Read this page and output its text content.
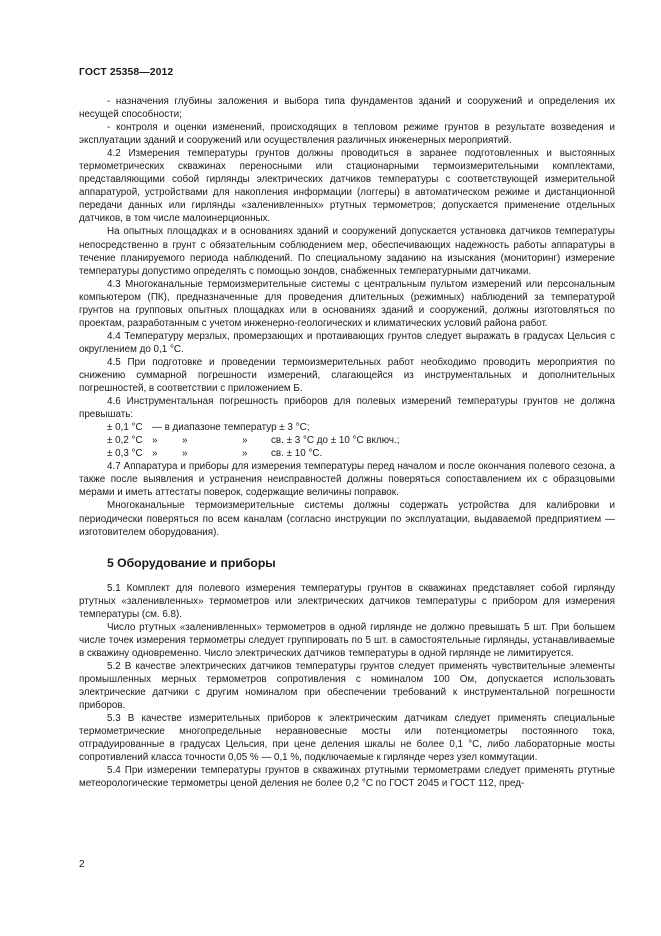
ГОСТ 25358—2012

- назначения глубины заложения и выбора типа фундаментов зданий и сооружений и определения их несущей способности;

- контроля и оценки изменений, происходящих в тепловом режиме грунтов в результате возведения и эксплуатации зданий и сооружений или осуществления различных инженерных мероприятий.

4.2 Измерения температуры грунтов должны проводиться в заранее подготовленных и выстоянных термометрических скважинах переносными или стационарными термоизмерительными комплектами, представляющими собой гирлянды электрических датчиков температуры с соответствующей измерительной аппаратурой, устройствами для накопления информации (логгеры) в автоматическом режиме и дистанционной передачи данных или гирлянды «заленивленных» ртутных термометров; допускается применение отдельных датчиков, в том числе малоинерционных.

На опытных площадках и в основаниях зданий и сооружений допускается установка датчиков температуры непосредственно в грунт с обязательным соблюдением мер, обеспечивающих надежность работы аппаратуры в течение планируемого периода наблюдений. По специальному заданию на изыскания (мониторинг) измерение температуры допустимо определять с помощью зондов, снабженных температурными датчиками.

4.3 Многоканальные термоизмерительные системы с центральным пультом измерений или персональным компьютером (ПК), предназначенные для проведения длительных (режимных) наблюдений за температурой грунтов на групповых опытных площадках или в основаниях зданий и сооружений, должны изготовляться по проектам, разработанным с учетом инженерно-геологических и климатических условий района работ.

4.4 Температуру мерзлых, промерзающих и протаивающих грунтов следует выражать в градусах Цельсия с округлением до 0,1 °С.

4.5 При подготовке и проведении термоизмерительных работ необходимо проводить мероприятия по снижению суммарной погрешности измерений, слагающейся из инструментальных и дополнительных погрешностей, в соответствии с приложением Б.

4.6 Инструментальная погрешность приборов для полевых измерений температуры грунтов не должна превышать:

± 0,1 °С — в диапазоне температур ± 3 °С;
± 0,2 °С »	»	»	св. ± 3 °С до ± 10 °С включ.;
± 0,3 °С »	»	»	св. ± 10 °С.

4.7 Аппаратура и приборы для измерения температуры перед началом и после окончания полевого сезона, а также после выявления и устранения неисправностей должны поверяться сопоставлением их с образцовыми мерами и иметь аттестаты поверок, содержащие величины поправок.

Многоканальные термоизмерительные системы должны содержать устройства для калибровки и периодически поверяться по всем каналам (согласно инструкции по эксплуатации, выдаваемой предприятием — изготовителем оборудования).

5 Оборудование и приборы

5.1 Комплект для полевого измерения температуры грунтов в скважинах представляет собой гирлянду ртутных «заленивленных» термометров или электрических датчиков температуры с прибором для измерения температуры (см. 6.8).

Число ртутных «заленивленных» термометров в одной гирлянде не должно превышать 5 шт. При большем числе точек измерения термометры следует группировать по 5 шт. в самостоятельные гирлянды, устанавливаемые в скважину одновременно. Число электрических датчиков температуры в одной гирлянде не лимитируется.

5.2 В качестве электрических датчиков температуры грунтов следует применять чувствительные элементы промышленных мерных термометров сопротивления с номиналом 100 Ом, допускается использовать электрические датчики с другим номиналом при обеспечении требований к инструментальной погрешности приборов.

5.3 В качестве измерительных приборов к электрическим датчикам следует применять специальные термометрические многопредельные неравновесные мосты или потенциометры постоянного тока, отградуированные в градусах Цельсия, при цене деления шкалы не более 0,1 °С, либо лабораторные мосты сопротивлений класса точности 0,05 % — 0,1 %, подключаемые к гирлянде через узел коммутации.

5.4 При измерении температуры грунтов в скважинах ртутными термометрами следует применять ртутные метеорологические термометры ценой деления не более 0,2 °С по ГОСТ 2045 и ГОСТ 112, пред-

2
